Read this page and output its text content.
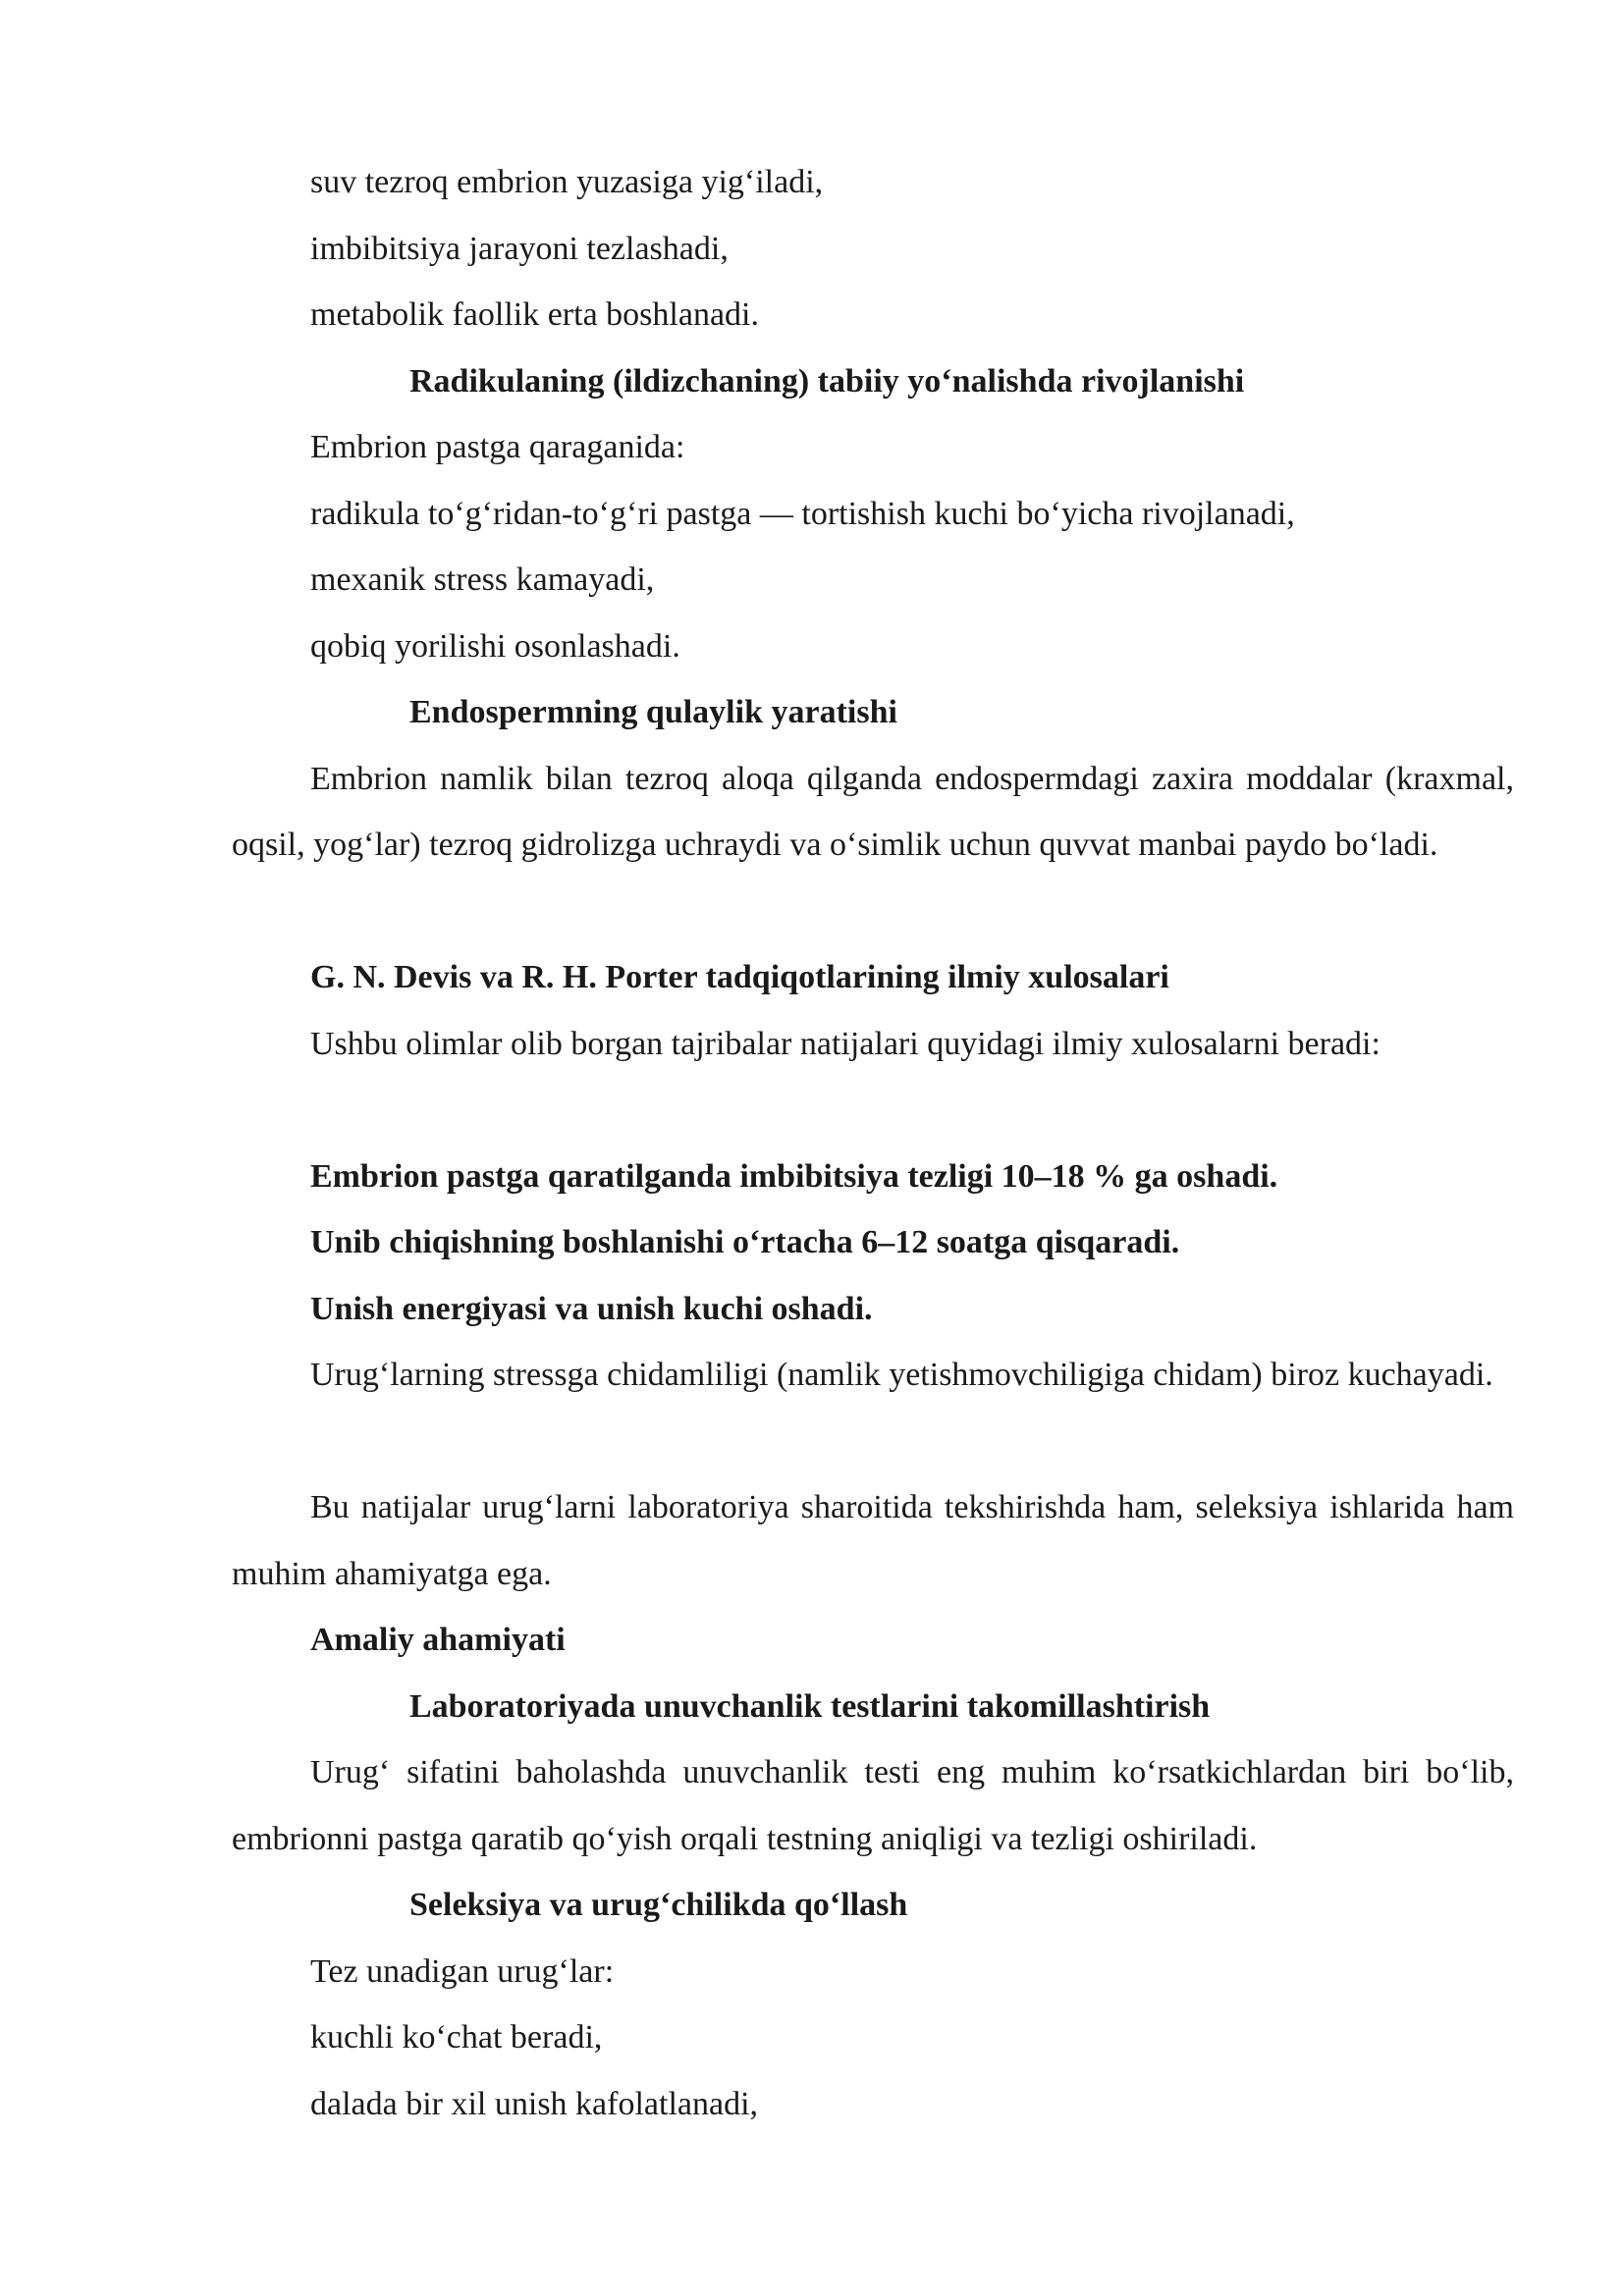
suv tezroq embrion yuzasiga yig‘iladi,

imbibitsiya jarayoni tezlashadi,

metabolik faollik erta boshlanadi.

Radikulaning (ildizchaning) tabiiy yo‘nalishda rivojlanishi

Embrion pastga qaraganida:

radikula to‘g‘ridan-to‘g‘ri pastga — tortishish kuchi bo‘yicha rivojlanadi,

mexanik stress kamayadi,

qobiq yorilishi osonlashadi.

Endospermning qulaylik yaratishi

Embrion namlik bilan tezroq aloqa qilganda endospermdagi zaxira moddalar (kraxmal, oqsil, yog‘lar) tezroq gidrolizga uchraydi va o‘simlik uchun quvvat manbai paydo bo‘ladi.

G. N. Devis va R. H. Porter tadqiqotlarining ilmiy xulosalari

Ushbu olimlar olib borgan tajribalar natijalari quyidagi ilmiy xulosalarni beradi:

Embrion pastga qaratilganda imbibitsiya tezligi 10–18 % ga oshadi.

Unib chiqishning boshlanishi o‘rtacha 6–12 soatga qisqaradi.

Unish energiyasi va unish kuchi oshadi.

Urug‘larning stressga chidamliligi (namlik yetishmovchiligiga chidam) biroz kuchayadi.

Bu natijalar urug‘larni laboratoriya sharoitida tekshirishda ham, seleksiya ishlarida ham muhim ahamiyatga ega.

Amaliy ahamiyati

Laboratoriyada unuvchanlik testlarini takomillashtirish

Urug‘ sifatini baholashda unuvchanlik testi eng muhim ko‘rsatkichlardan biri bo‘lib, embrionni pastga qaratib qo‘yish orqali testning aniqligi va tezligi oshiriladi.

Seleksiya va urug‘chilikda qo‘llash

Tez unadigan urug‘lar:

kuchli ko‘chat beradi,

dalada bir xil unish kafolatlanadi,
